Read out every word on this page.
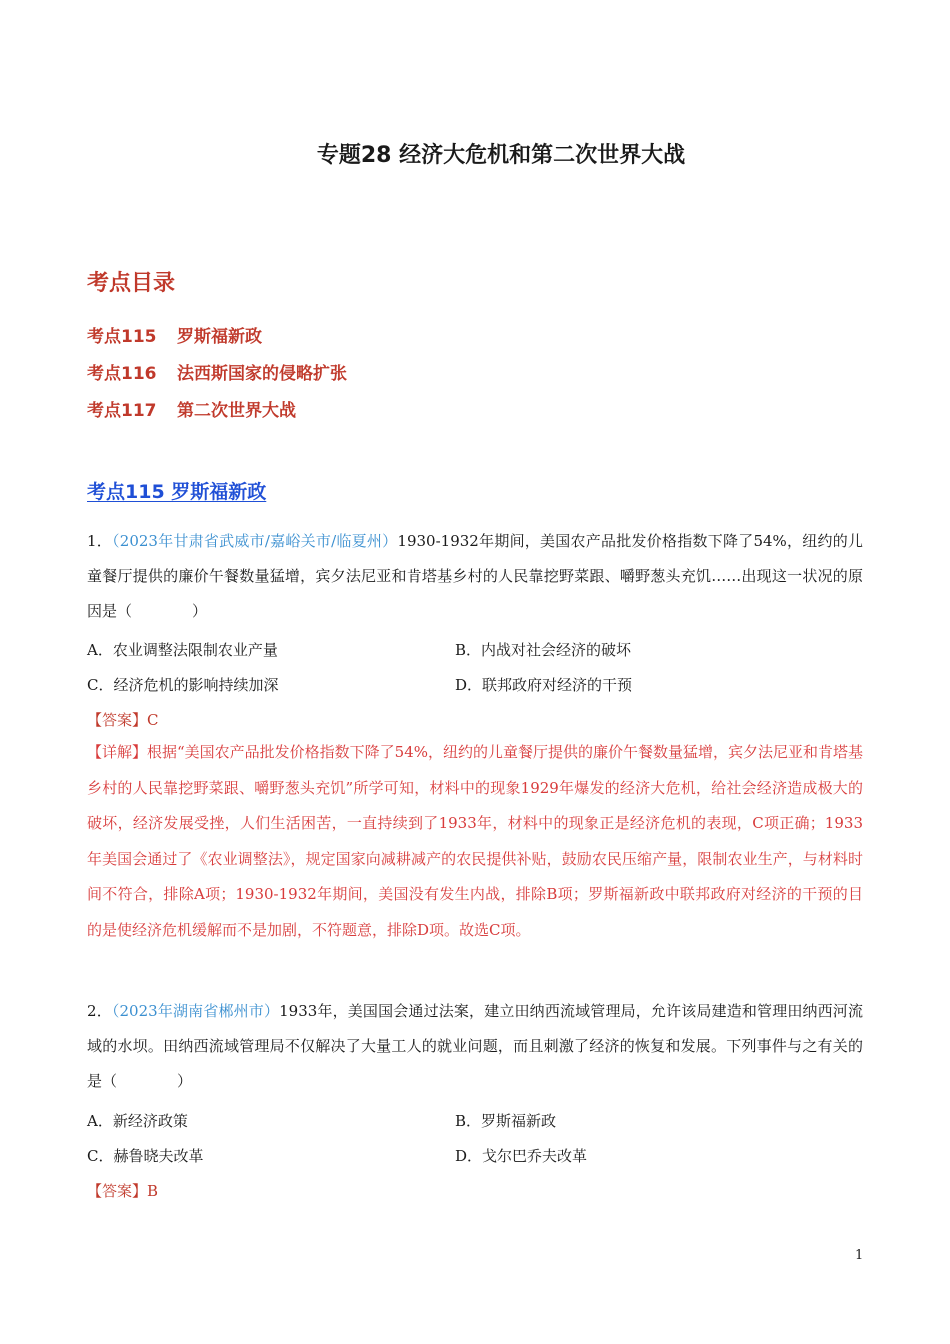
专题28 经济大危机和第二次世界大战
考点目录
考点115 罗斯福新政
考点116 法西斯国家的侵略扩张
考点117 第二次世界大战
考点115 罗斯福新政
1．（2023年甘肃省武威市/嘉峪关市/临夏州）1930-1932年期间，美国农产品批发价格指数下降了54%，纽约的儿童餐厅提供的廉价午餐数量猛增，宾夕法尼亚和肯塔基乡村的人民靠挖野菜跟、嚼野葱头充饥……出现这一状况的原因是（	）
A．农业调整法限制农业产量	B．内战对社会经济的破坏
C．经济危机的影响持续加深	D．联邦政府对经济的干预
【答案】C
【详解】根据“美国农产品批发价格指数下降了54%，纽约的儿童餐厅提供的廉价午餐数量猛增，宾夕法尼亚和肯塔基乡村的人民靠挖野菜跟、嚼野葱头充饥”所学可知，材料中的现象1929年爆发的经济大危机，给社会经济造成极大的破坏，经济发展受挫，人们生活困苦，一直持续到了1933年，材料中的现象正是经济危机的表现，C项正确；1933年美国会通过了《农业调整法》，规定国家向减耕减产的农民提供补贴，鼓励农民压缩产量，限制农业生产，与材料时间不符合，排除A项；1930-1932年期间，美国没有发生内战，排除B项；罗斯福新政中联邦政府对经济的干预的目的是使经济危机缓解而不是加剧，不符题意，排除D项。故选C项。
2．（2023年湖南省郴州市）1933年，美国国会通过法案，建立田纳西流域管理局，允许该局建造和管理田纳西河流域的水坝。田纳西流域管理局不仅解决了大量工人的就业问题，而且刺激了经济的恢复和发展。下列事件与之有关的是（	）
A．新经济政策	B．罗斯福新政
C．赫鲁晓夫改革	D．戈尔巴乔夫改革
【答案】B
1
